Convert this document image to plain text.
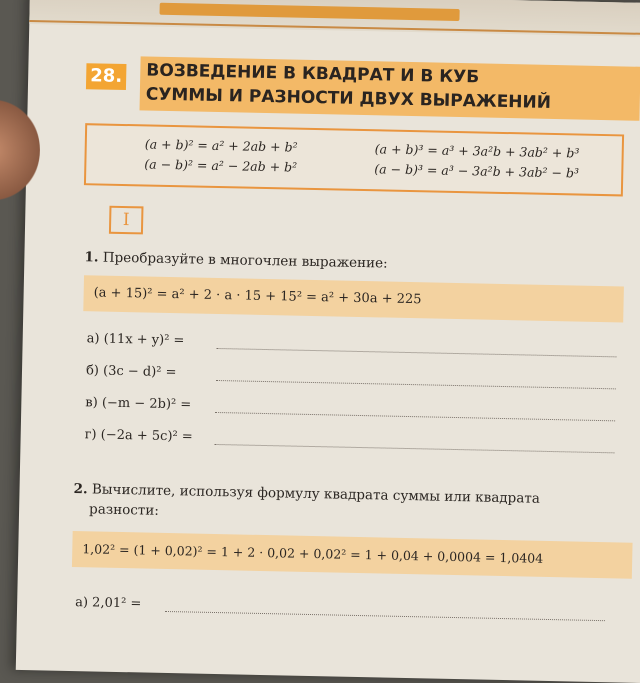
28. ВОЗВЕДЕНИЕ В КВАДРАТ И В КУБ
СУММЫ И РАЗНОСТИ ДВУХ ВЫРАЖЕНИЙ
(a + b)² = a² + 2ab + b²
(a − b)² = a² − 2ab + b²
(a + b)³ = a³ + 3a²b + 3ab² + b³
(a − b)³ = a³ − 3a²b + 3ab² − b³
I
1. Преобразуйте в многочлен выражение:
(a + 15)² = a² + 2 · a · 15 + 15² = a² + 30a + 225
а) (11x + y)² =
б) (3c − d)² =
в) (−m − 2b)² =
г) (−2a + 5c)² =
2. Вычислите, используя формулу квадрата суммы или квадрата
разности:
1,02² = (1 + 0,02)² = 1 + 2 · 0,02 + 0,02² = 1 + 0,04 + 0,0004 = 1,0404
а) 2,01² =
